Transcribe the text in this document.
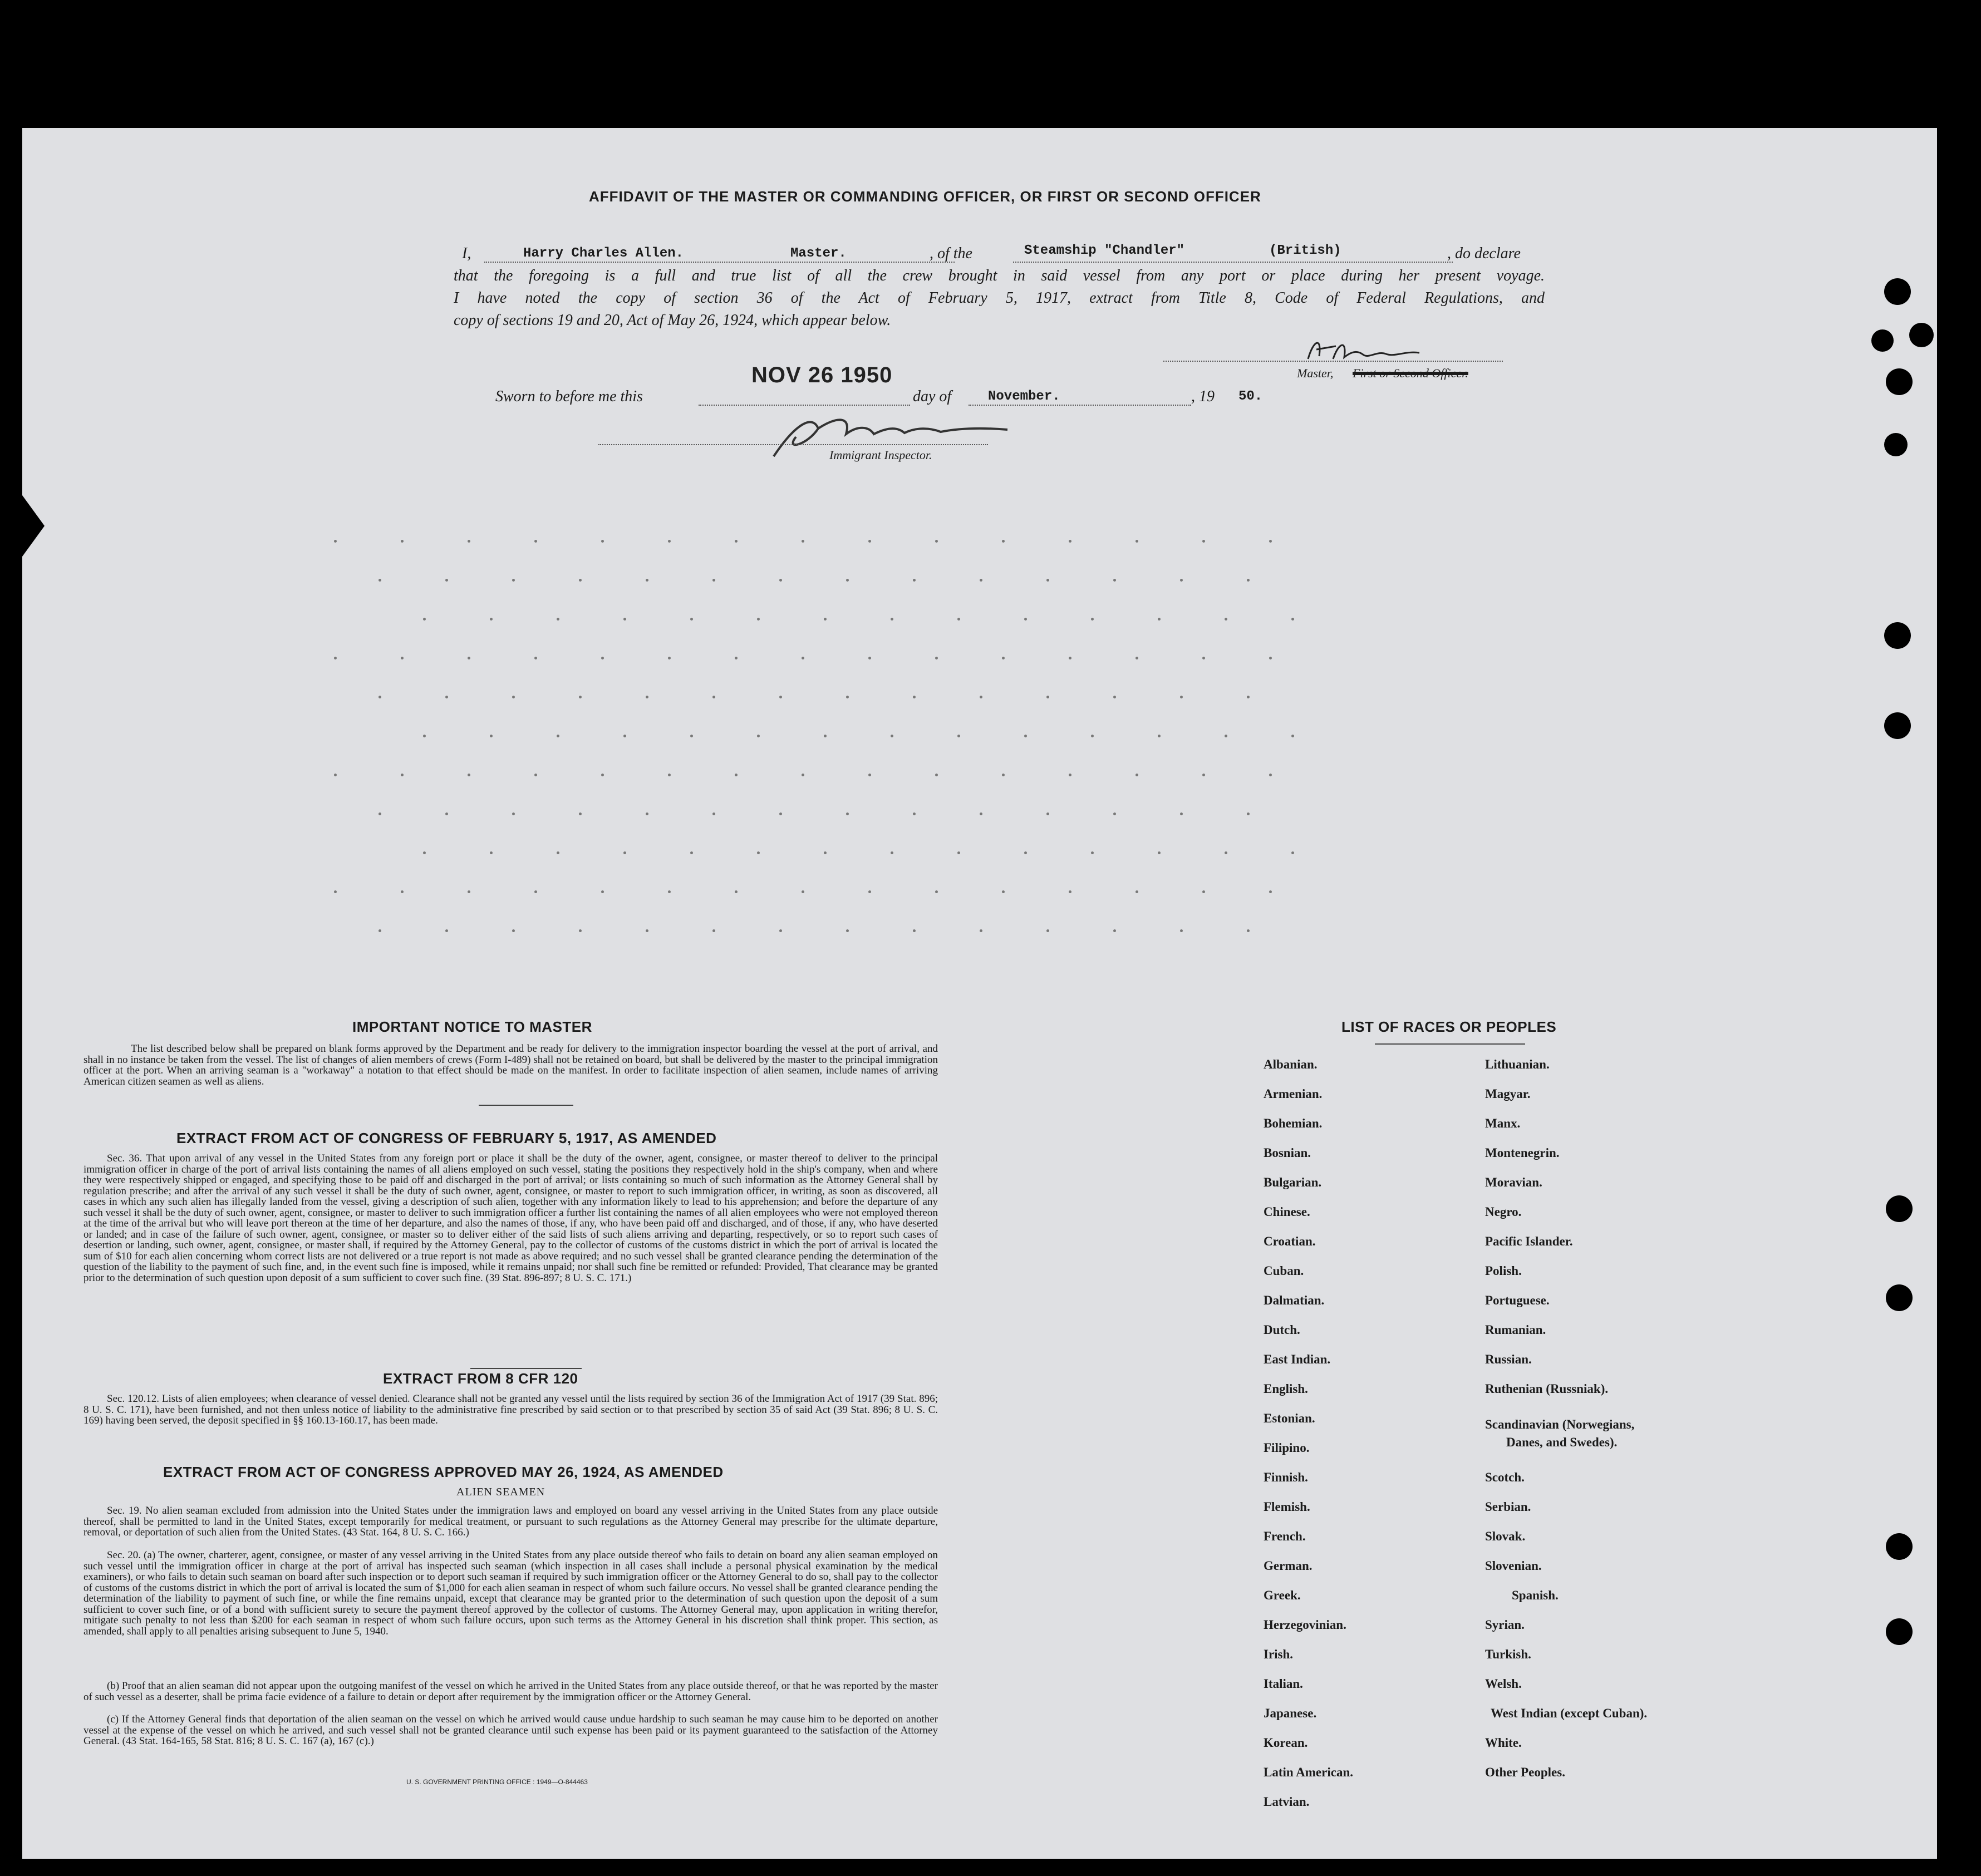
AFFIDAVIT OF THE MASTER OR COMMANDING OFFICER, OR FIRST OR SECOND OFFICER
I,	Harry Charles Allen.	Master.	, of the	Steamship "Chandler"	(British)	, do declare
that the foregoing is a full and true list of all the crew brought in said vessel from any port or place during her present voyage.
I have noted the copy of section 36 of the Act of February 5, 1917, extract from Title 8, Code of Federal Regulations, and
copy of sections 19 and 20, Act of May 26, 1924, which appear below.
Master, First or Second Officer.
NOV 26 1950
Sworn to before me this	day of	November.	, 19 50.
Immigrant Inspector.
IMPORTANT NOTICE TO MASTER

The list described below shall be prepared on blank forms approved by the Department and be ready for delivery to the immigration inspector boarding the vessel at the port of arrival, and shall in no instance be taken from the vessel. The list of changes of alien members of crews (Form I-489) shall not be retained on board, but shall be delivered by the master to the principal immigration officer at the port. When an arriving seaman is a "workaway" a notation to that effect should be made on the manifest. In order to facilitate inspection of alien seamen, include names of arriving American citizen seamen as well as aliens.

EXTRACT FROM ACT OF CONGRESS OF FEBRUARY 5, 1917, AS AMENDED

Sec. 36. That upon arrival of any vessel in the United States from any foreign port or place it shall be the duty of the owner, agent, consignee, or master thereof to deliver to the principal immigration officer in charge of the port of arrival lists containing the names of all aliens employed on such vessel, stating the positions they respectively hold in the ship's company, when and where they were respectively shipped or engaged, and specifying those to be paid off and discharged in the port of arrival; or lists containing so much of such information as the Attorney General shall by regulation prescribe; and after the arrival of any such vessel it shall be the duty of such owner, agent, consignee, or master to report to such immigration officer, in writing, as soon as discovered, all cases in which any such alien has illegally landed from the vessel, giving a description of such alien, together with any information likely to lead to his apprehension; and before the departure of any such vessel it shall be the duty of such owner, agent, consignee, or master to deliver to such immigration officer a further list containing the names of all alien employees who were not employed thereon at the time of the arrival but who will leave port thereon at the time of her departure, and also the names of those, if any, who have been paid off and discharged, and of those, if any, who have deserted or landed; and in case of the failure of such owner, agent, consignee, or master so to deliver either of the said lists of such aliens arriving and departing, respectively, or so to report such cases of desertion or landing, such owner, agent, consignee, or master shall, if required by the Attorney General, pay to the collector of customs of the customs district in which the port of arrival is located the sum of $10 for each alien concerning whom correct lists are not delivered or a true report is not made as above required; and no such vessel shall be granted clearance pending the determination of the question of the liability to the payment of such fine, and, in the event such fine is imposed, while it remains unpaid; nor shall such fine be remitted or refunded: Provided, That clearance may be granted prior to the determination of such question upon deposit of a sum sufficient to cover such fine. (39 Stat. 896-897; 8 U. S. C. 171.)

EXTRACT FROM 8 CFR 120

Sec. 120.12. Lists of alien employees; when clearance of vessel denied. Clearance shall not be granted any vessel until the lists required by section 36 of the Immigration Act of 1917 (39 Stat. 896; 8 U. S. C. 171), have been furnished, and not then unless notice of liability to the administrative fine prescribed by said section or to that prescribed by section 35 of said Act (39 Stat. 896; 8 U. S. C. 169) having been served, the deposit specified in §§ 160.13-160.17, has been made.

EXTRACT FROM ACT OF CONGRESS APPROVED MAY 26, 1924, AS AMENDED
ALIEN SEAMEN

Sec. 19. No alien seaman excluded from admission into the United States under the immigration laws and employed on board any vessel arriving in the United States from any place outside thereof, shall be permitted to land in the United States, except temporarily for medical treatment, or pursuant to such regulations as the Attorney General may prescribe for the ultimate departure, removal, or deportation of such alien from the United States. (43 Stat. 164, 8 U. S. C. 166.)

Sec. 20. (a) The owner, charterer, agent, consignee, or master of any vessel arriving in the United States from any place outside thereof who fails to detain on board any alien seaman employed on such vessel until the immigration officer in charge at the port of arrival has inspected such seaman (which inspection in all cases shall include a personal physical examination by the medical examiners), or who fails to detain such seaman on board after such inspection or to deport such seaman if required by such immigration officer or the Attorney General to do so, shall pay to the collector of customs of the customs district in which the port of arrival is located the sum of $1,000 for each alien seaman in respect of whom such failure occurs. No vessel shall be granted clearance pending the determination of the liability to payment of such fine, or while the fine remains unpaid, except that clearance may be granted prior to the determination of such question upon the deposit of a sum sufficient to cover such fine, or of a bond with sufficient surety to secure the payment thereof approved by the collector of customs. The Attorney General may, upon application in writing therefor, mitigate such penalty to not less than $200 for each seaman in respect of whom such failure occurs, upon such terms as the Attorney General in his discretion shall think proper. This section, as amended, shall apply to all penalties arising subsequent to June 5, 1940.

(b) Proof that an alien seaman did not appear upon the outgoing manifest of the vessel on which he arrived in the United States from any place outside thereof, or that he was reported by the master of such vessel as a deserter, shall be prima facie evidence of a failure to detain or deport after requirement by the immigration officer or the Attorney General.

(c) If the Attorney General finds that deportation of the alien seaman on the vessel on which he arrived would cause undue hardship to such seaman he may cause him to be deported on another vessel at the expense of the vessel on which he arrived, and such vessel shall not be granted clearance until such expense has been paid or its payment guaranteed to the satisfaction of the Attorney General. (43 Stat. 164-165, 58 Stat. 816; 8 U. S. C. 167 (a), 167 (c).)

U. S. GOVERNMENT PRINTING OFFICE : 1949—O-844463
LIST OF RACES OR PEOPLES
Albanian.
Armenian.
Bohemian.
Bosnian.
Bulgarian.
Chinese.
Croatian.
Cuban.
Dalmatian.
Dutch.
East Indian.
English.
Estonian.
Filipino.
Finnish.
Flemish.
French.
German.
Greek.
Herzegovinian.
Irish.
Italian.
Japanese.
Korean.
Latin American.
Latvian.
Lithuanian.
Magyar.
Manx.
Montenegrin.
Moravian.
Negro.
Pacific Islander.
Polish.
Portuguese.
Rumanian.
Russian.
Ruthenian (Russniak).
Scandinavian (Norwegians,
Danes, and Swedes).
Scotch.
Serbian.
Slovak.
Slovenian.
Spanish.
Syrian.
Turkish.
Welsh.
West Indian (except Cuban).
White.
Other Peoples.
